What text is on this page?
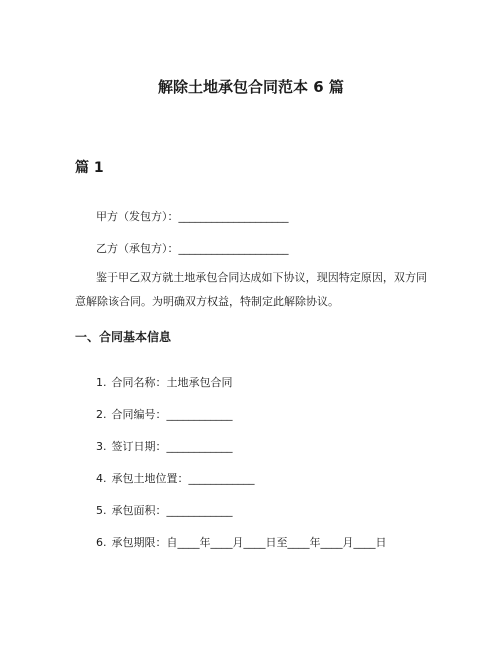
解除土地承包合同范本 6 篇
篇 1
甲方（发包方）：____________________
乙方（承包方）：____________________
鉴于甲乙双方就土地承包合同达成如下协议，现因特定原因，双方同意解除该合同。为明确双方权益，特制定此解除协议。
一、合同基本信息
1. 合同名称：土地承包合同
2. 合同编号：____________
3. 签订日期：____________
4. 承包土地位置：____________
5. 承包面积：____________
6. 承包期限：自____年____月____日至____年____月____日
